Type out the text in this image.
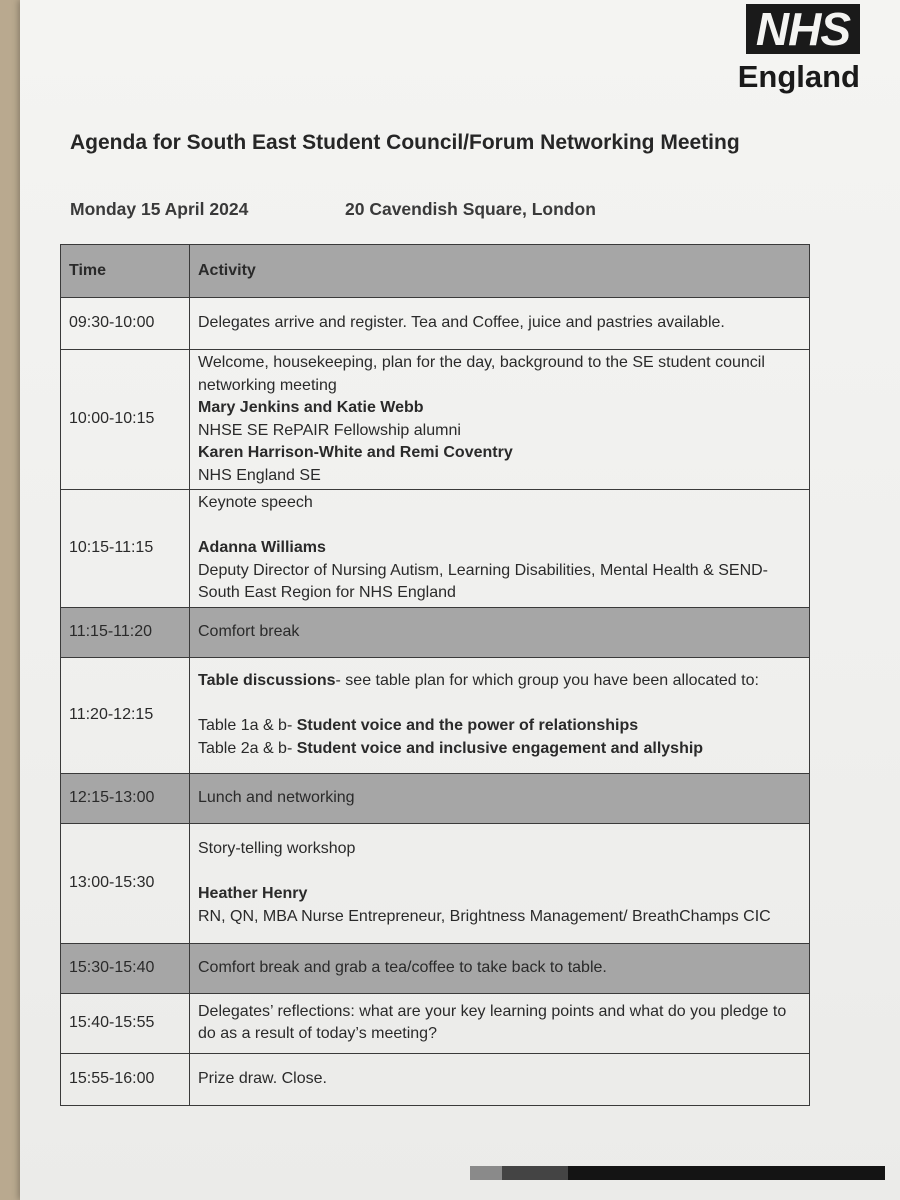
NHS
England
Agenda for South East Student Council/Forum Networking Meeting
Monday 15 April 2024	20 Cavendish Square, London
Time	Activity
09:30-10:00	Delegates arrive and register. Tea and Coffee, juice and pastries available.

10:00-10:15	Welcome, housekeeping, plan for the day, background to the SE student council networking meeting
Mary Jenkins and Katie Webb
NHSE SE RePAIR Fellowship alumni
Karen Harrison-White and Remi Coventry
NHS England SE

10:15-11:15	Keynote speech
Adanna Williams
Deputy Director of Nursing Autism, Learning Disabilities, Mental Health & SEND- South East Region for NHS England

11:15-11:20	Comfort break

11:20-12:15	Table discussions- see table plan for which group you have been allocated to:
Table 1a & b- Student voice and the power of relationships
Table 2a & b- Student voice and inclusive engagement and allyship

12:15-13:00	Lunch and networking

13:00-15:30	Story-telling workshop
Heather Henry
RN, QN, MBA Nurse Entrepreneur, Brightness Management/ BreathChamps CIC

15:30-15:40	Comfort break and grab a tea/coffee to take back to table.

15:40-15:55	Delegates’ reflections: what are your key learning points and what do you pledge to do as a result of today’s meeting?

15:55-16:00	Prize draw. Close.
